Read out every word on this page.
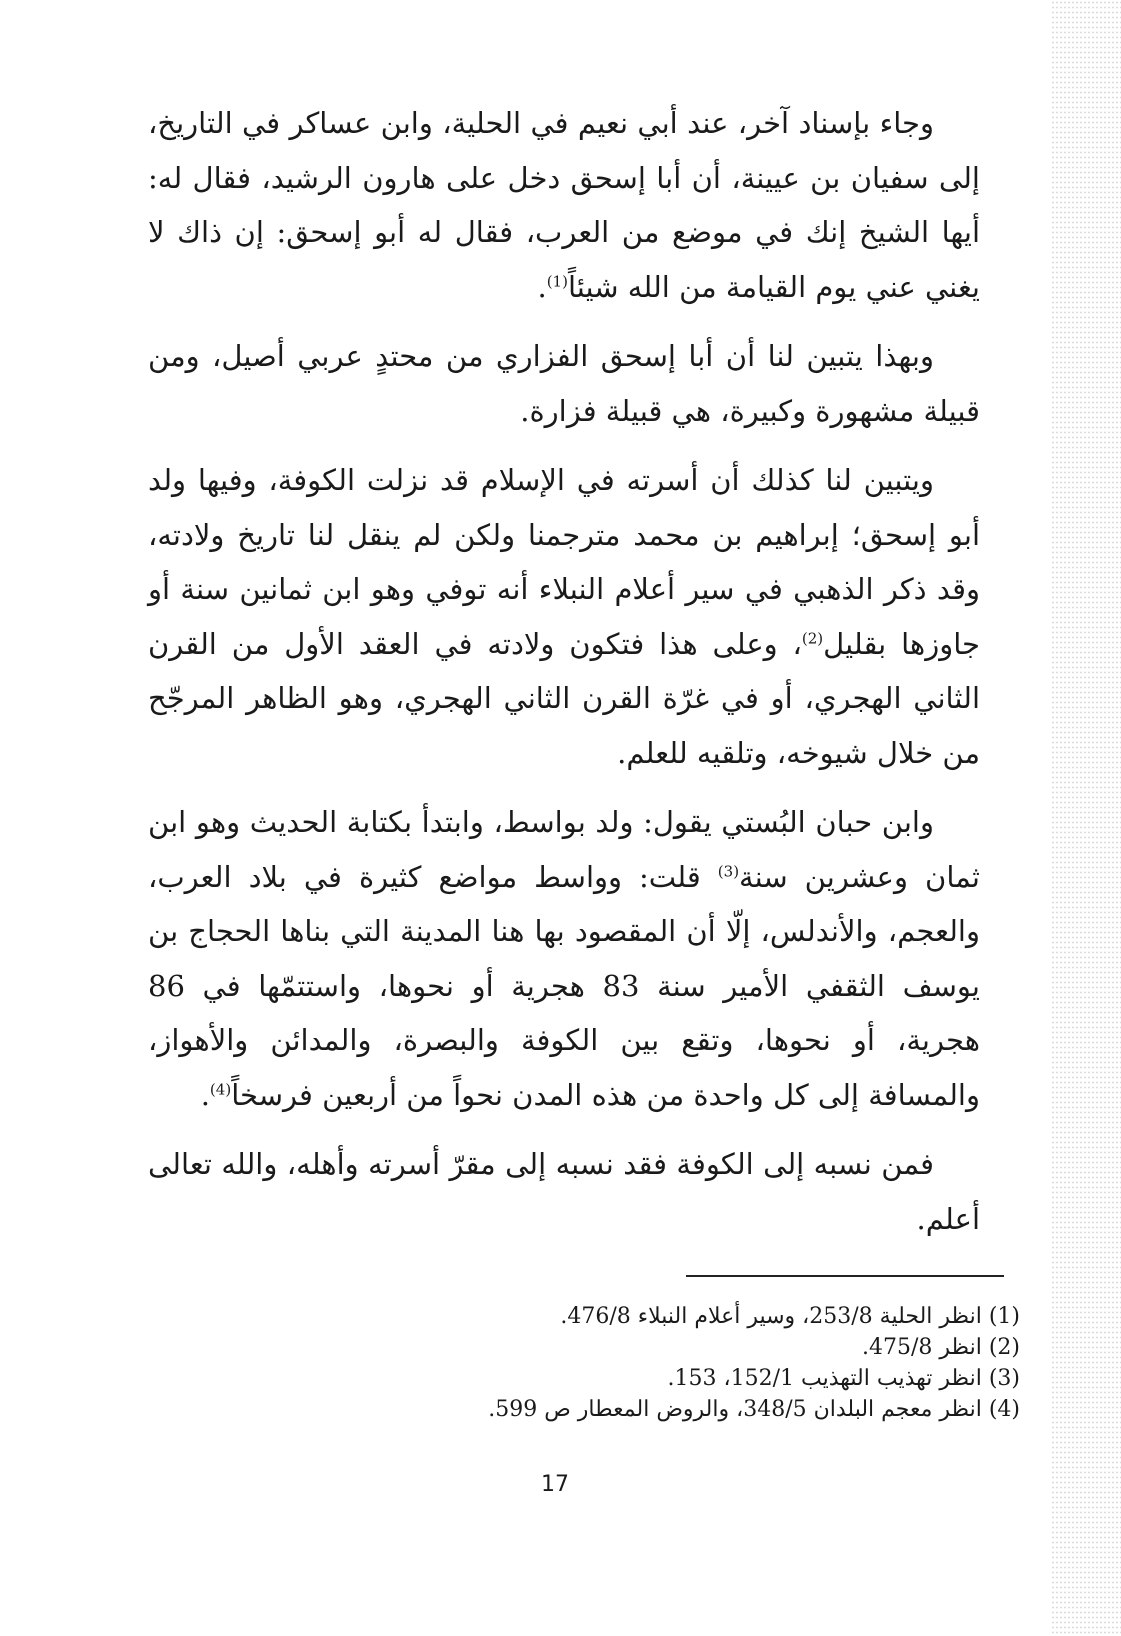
وجاء بإسناد آخر، عند أبي نعيم في الحلية، وابن عساكر في التاريخ، إلى سفيان بن عيينة، أن أبا إسحق دخل على هارون الرشيد، فقال له: أيها الشيخ إنك في موضع من العرب، فقال له أبو إسحق: إن ذاك لا يغني عني يوم القيامة من الله شيئاً$^{(1)}$.

وبهذا يتبين لنا أن أبا إسحق الفزاري من محتدٍ عربي أصيل، ومن قبيلة مشهورة وكبيرة، هي قبيلة فزارة.

ويتبين لنا كذلك أن أسرته في الإسلام قد نزلت الكوفة، وفيها ولد أبو إسحق؛ إبراهيم بن محمد مترجمنا ولكن لم ينقل لنا تاريخ ولادته، وقد ذكر الذهبي في سير أعلام النبلاء أنه توفي وهو ابن ثمانين سنة أو جاوزها بقليل$^{(2)}$، وعلى هذا فتكون ولادته في العقد الأول من القرن الثاني الهجري، أو في غرّة القرن الثاني الهجري، وهو الظاهر المرجّح من خلال شيوخه، وتلقيه للعلم.

وابن حبان البُستي يقول: ولد بواسط، وابتدأ بكتابة الحديث وهو ابن ثمان وعشرين سنة$^{(3)}$ قلت: وواسط مواضع كثيرة في بلاد العرب، والعجم، والأندلس، إلّا أن المقصود بها هنا المدينة التي بناها الحجاج بن يوسف الثقفي الأمير سنة 83 هجرية أو نحوها، واستتمّها في 86 هجرية، أو نحوها، وتقع بين الكوفة والبصرة، والمدائن والأهواز، والمسافة إلى كل واحدة من هذه المدن نحواً من أربعين فرسخاً$^{(4)}$.

فمن نسبه إلى الكوفة فقد نسبه إلى مقرّ أسرته وأهله، والله تعالى أعلم.

(1) انظر الحلية 253/8، وسير أعلام النبلاء 476/8.

(2) انظر 475/8.

(3) انظر تهذيب التهذيب 152/1، 153.

(4) انظر معجم البلدان 348/5، والروض المعطار ص 599.

17
